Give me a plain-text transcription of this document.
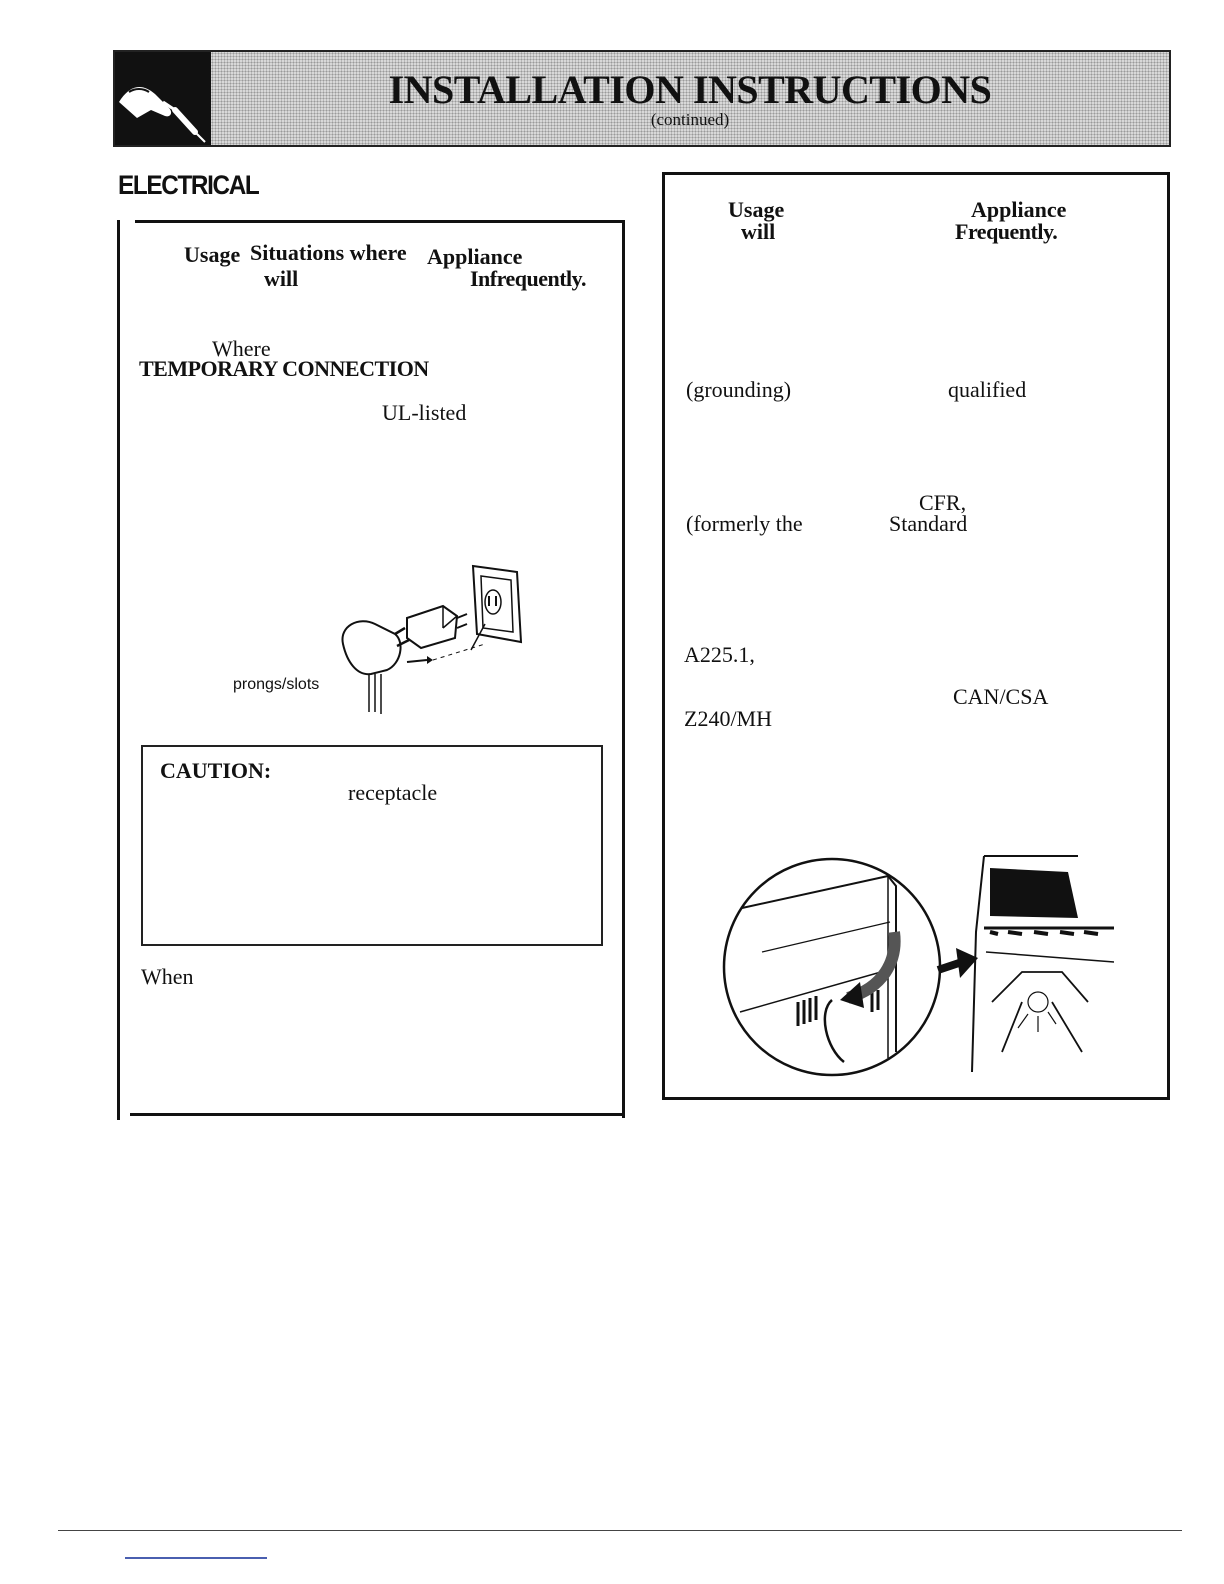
INSTALLATION INSTRUCTIONS
(continued)
ELECTRICAL
Usage Situations where Appliance
will	Infrequently.
Where
TEMPORARY CONNECTION
UL-listed
prongs/slots
CAUTION:
receptacle
When
Usage	Appliance
will	Frequently.
(grounding)	qualified
CFR,
(formerly the	Standard
A225.1,
CAN/CSA
Z240/MH
